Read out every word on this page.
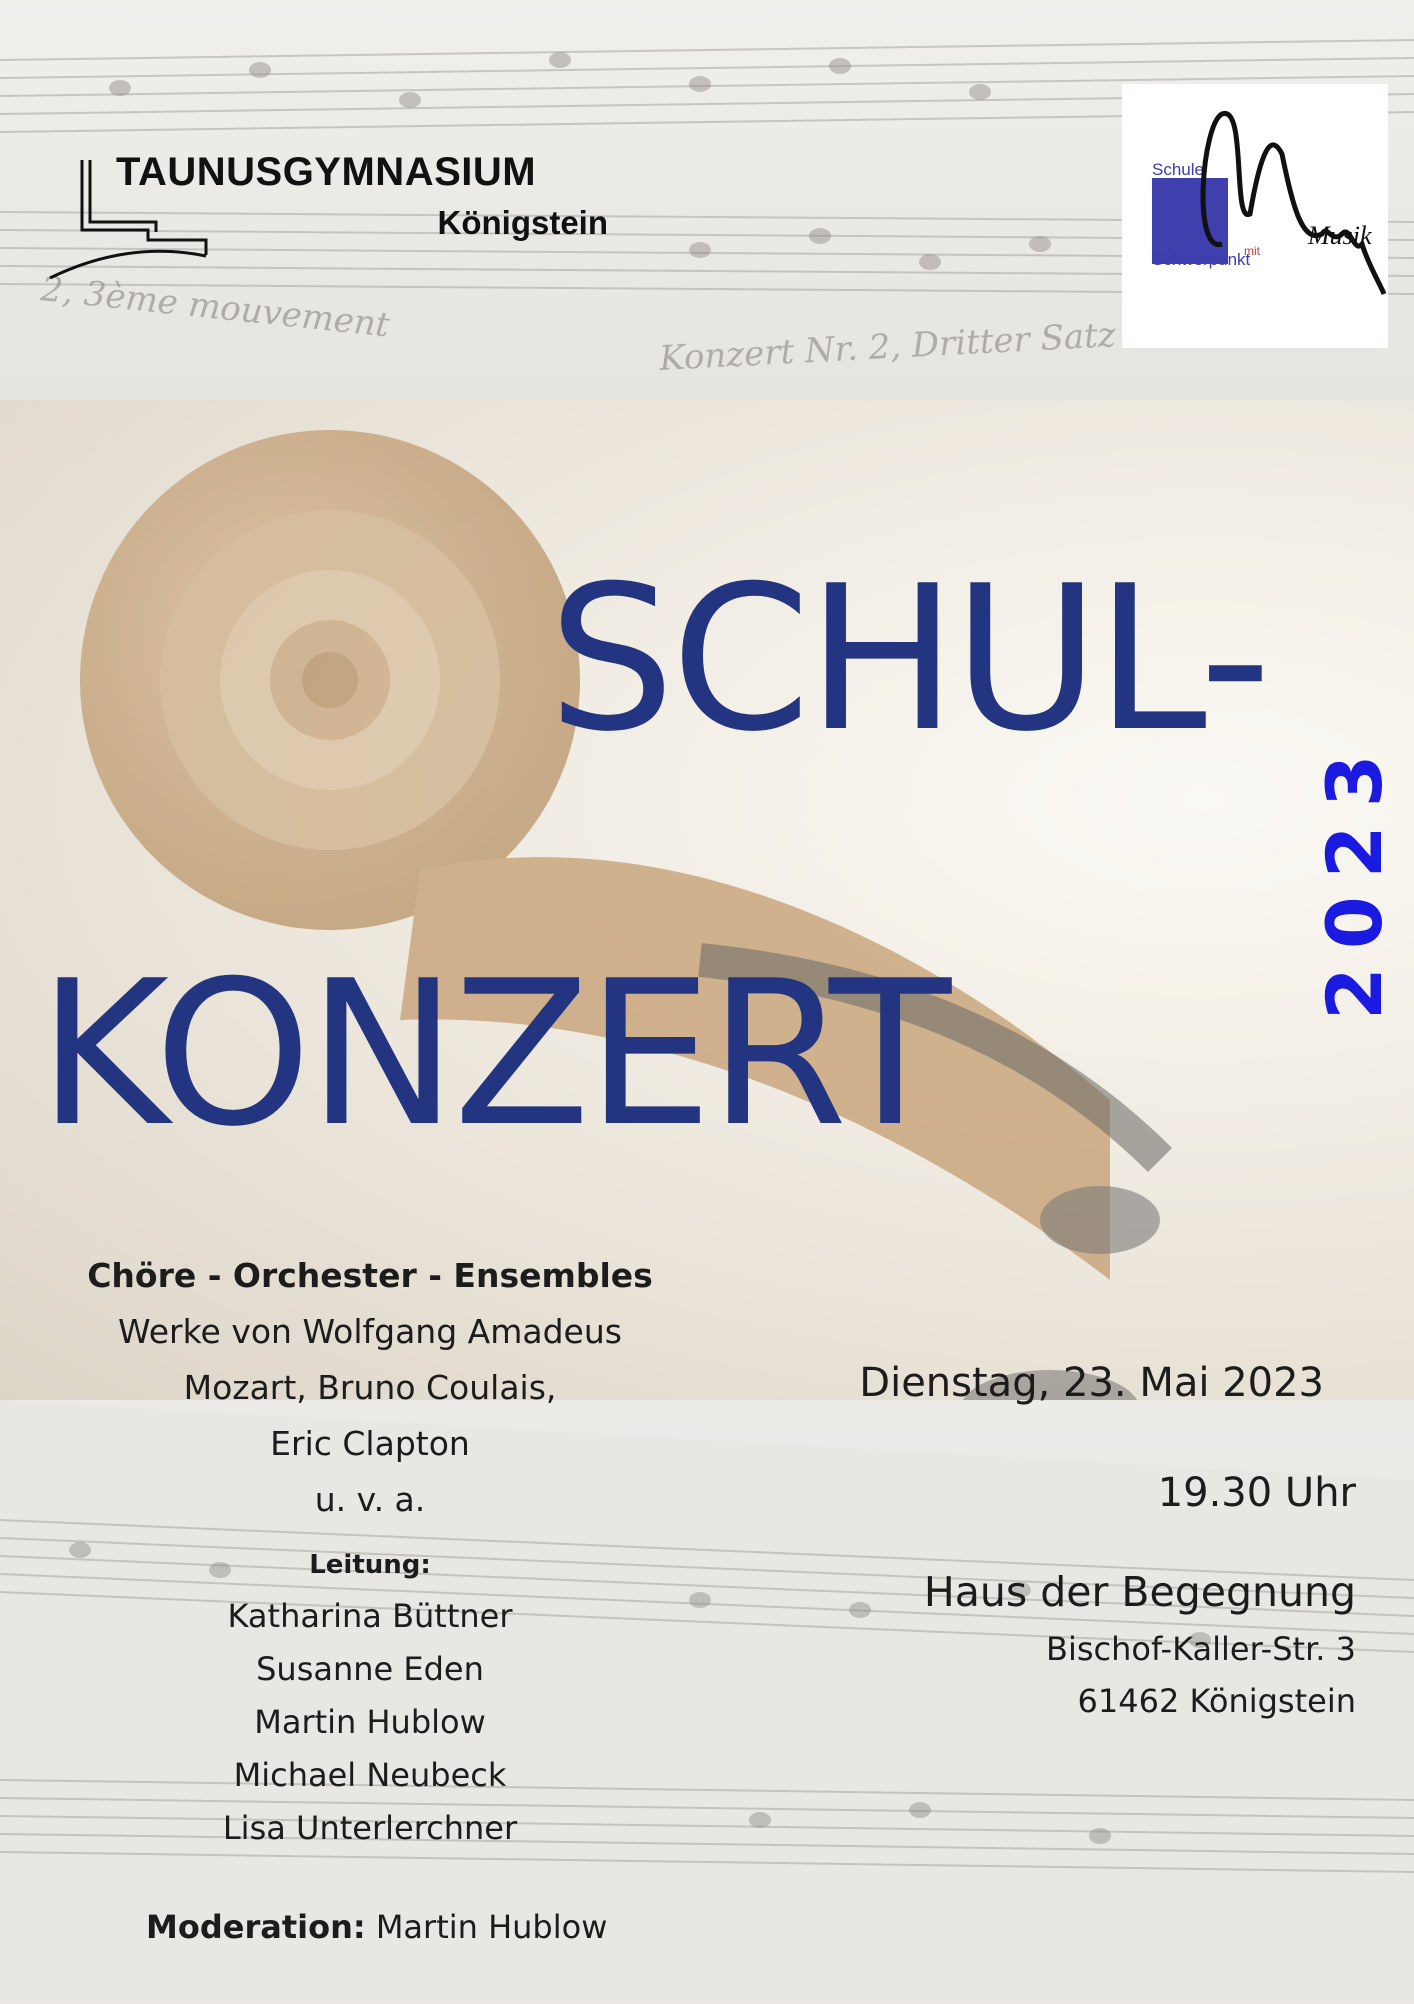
2, 3ème mouvement
Konzert Nr. 2, Dritter Satz
TAUNUSGYMNASIUM
Königstein
Schule
mit
Schwerpunkt
Musik
SCHUL-
KONZERT
2023
Chöre - Orchester - Ensembles
Werke von Wolfgang Amadeus
Mozart, Bruno Coulais,
Eric Clapton
u. v. a.
Leitung:
Katharina Büttner
Susanne Eden
Martin Hublow
Michael Neubeck
Lisa Unterlerchner
Moderation: Martin Hublow
Dienstag, 23. Mai 2023
19.30 Uhr
Haus der Begegnung
Bischof-Kaller-Str. 3
61462 Königstein
